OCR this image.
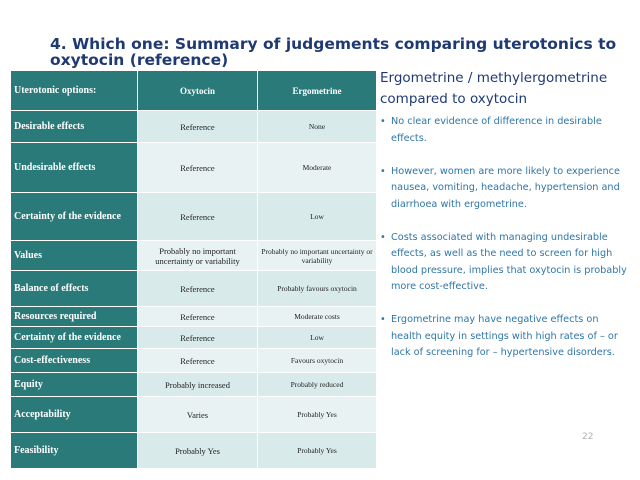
4. Which one: Summary of judgements comparing uterotonics to oxytocin (reference)
Uterotonic options:	Oxytocin	Ergometrine
Desirable effects	Reference	None
Undesirable effects	Reference	Moderate
Certainty of the evidence	Reference	Low
Values	Probably no important uncertainty or variability	Probably no important uncertainty or variability
Balance of effects	Reference	Probably favours oxytocin
Resources required	Reference	Moderate costs
Certainty of the evidence	Reference	Low
Cost-effectiveness	Reference	Favours oxytocin
Equity	Probably increased	Probably reduced
Acceptability	Varies	Probably Yes
Feasibility	Probably Yes	Probably Yes
Ergometrine / methylergometrine compared to oxytocin
• No clear evidence of difference in desirable effects.
• However, women are more likely to experience nausea, vomiting, headache, hypertension and diarrhoea with ergometrine.
• Costs associated with managing undesirable effects, as well as the need to screen for high blood pressure, implies that oxytocin is probably more cost-effective.
• Ergometrine may have negative effects on health equity in settings with high rates of – or lack of screening for – hypertensive disorders.
22
